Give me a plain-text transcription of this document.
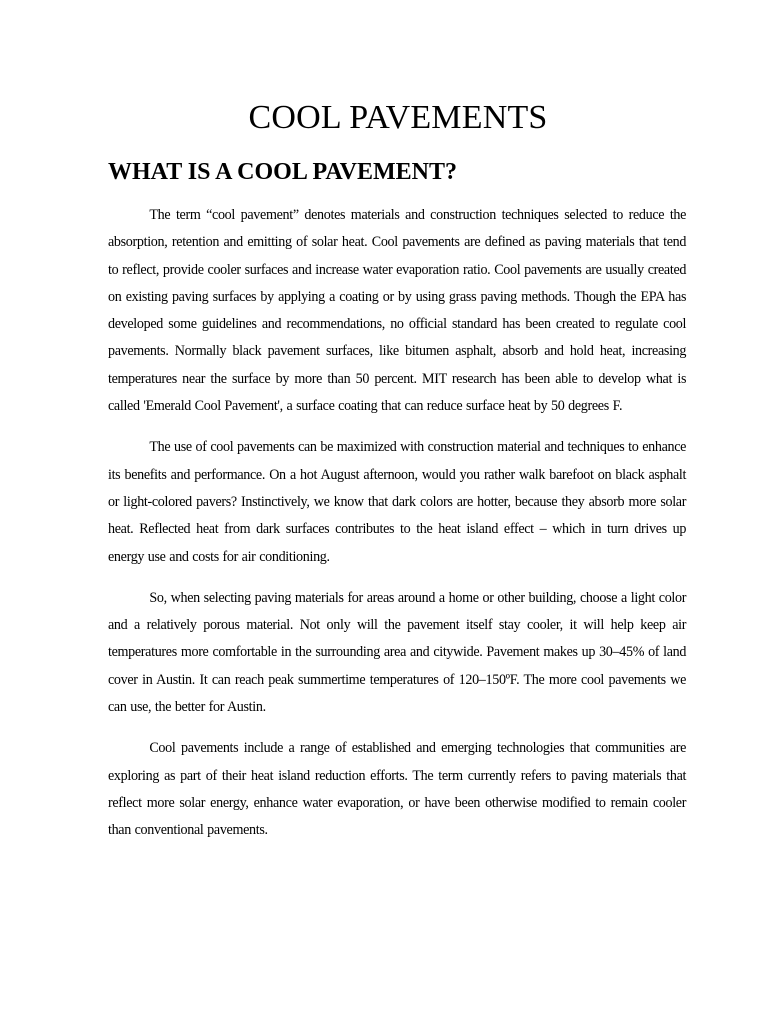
COOL PAVEMENTS
WHAT IS A COOL PAVEMENT?

The term “cool pavement” denotes materials and construction techniques selected to reduce the absorption, retention and emitting of solar heat. Cool pavements are defined as paving materials that tend to reflect, provide cooler surfaces and increase water evaporation ratio. Cool pavements are usually created on existing paving surfaces by applying a coating or by using grass paving methods. Though the EPA has developed some guidelines and recommendations, no official standard has been created to regulate cool pavements. Normally black pavement surfaces, like bitumen asphalt, absorb and hold heat, increasing temperatures near the surface by more than 50 percent. MIT research has been able to develop what is called 'Emerald Cool Pavement', a surface coating that can reduce surface heat by 50 degrees F.

The use of cool pavements can be maximized with construction material and techniques to enhance its benefits and performance. On a hot August afternoon, would you rather walk barefoot on black asphalt or light-colored pavers? Instinctively, we know that dark colors are hotter, because they absorb more solar heat. Reflected heat from dark surfaces contributes to the heat island effect – which in turn drives up energy use and costs for air conditioning.

So, when selecting paving materials for areas around a home or other building, choose a light color and a relatively porous material. Not only will the pavement itself stay cooler, it will help keep air temperatures more comfortable in the surrounding area and citywide. Pavement makes up 30–45% of land cover in Austin. It can reach peak summertime temperatures of 120–150ºF. The more cool pavements we can use, the better for Austin.

Cool pavements include a range of established and emerging technologies that communities are exploring as part of their heat island reduction efforts. The term currently refers to paving materials that reflect more solar energy, enhance water evaporation, or have been otherwise modified to remain cooler than conventional pavements.
